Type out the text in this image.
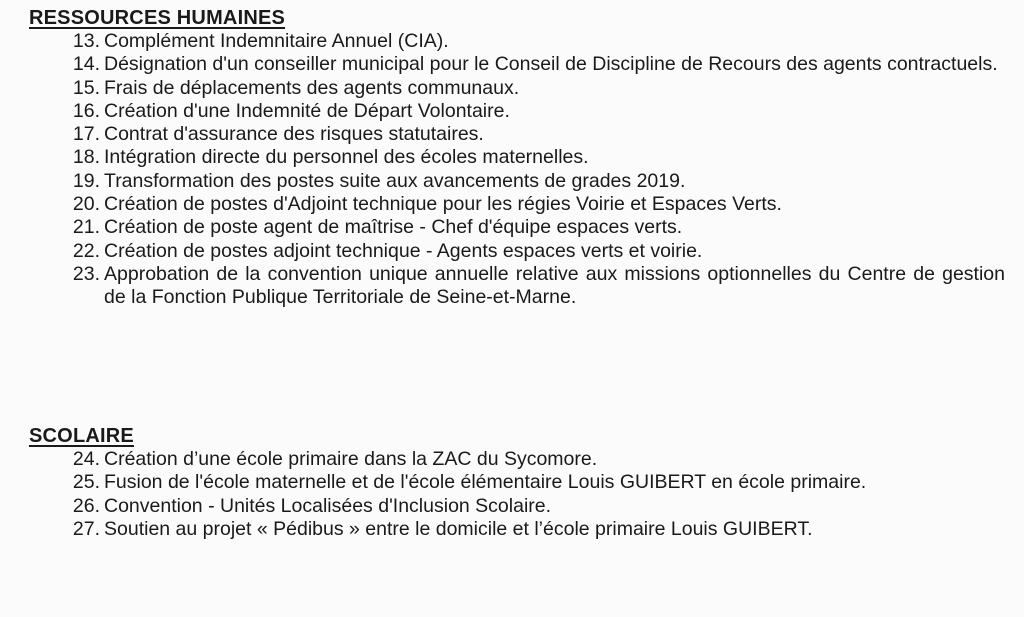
RESSOURCES HUMAINES
13. Complément Indemnitaire Annuel (CIA).
14. Désignation d'un conseiller municipal pour le Conseil de Discipline de Recours des agents contractuels.
15. Frais de déplacements des agents communaux.
16. Création d'une Indemnité de Départ Volontaire.
17. Contrat d'assurance des risques statutaires.
18. Intégration directe du personnel des écoles maternelles.
19. Transformation des postes suite aux avancements de grades 2019.
20. Création de postes d'Adjoint technique pour les régies Voirie et Espaces Verts.
21. Création de poste agent de maîtrise - Chef d'équipe espaces verts.
22. Création de postes adjoint technique - Agents espaces verts et voirie.
23. Approbation de la convention unique annuelle relative aux missions optionnelles du Centre de gestion de la Fonction Publique Territoriale de Seine-et-Marne.
SCOLAIRE
24. Création d’une école primaire dans la ZAC du Sycomore.
25. Fusion de l'école maternelle et de l'école élémentaire Louis GUIBERT en école primaire.
26. Convention - Unités Localisées d'Inclusion Scolaire.
27. Soutien au projet « Pédibus » entre le domicile et l’école primaire Louis GUIBERT.
